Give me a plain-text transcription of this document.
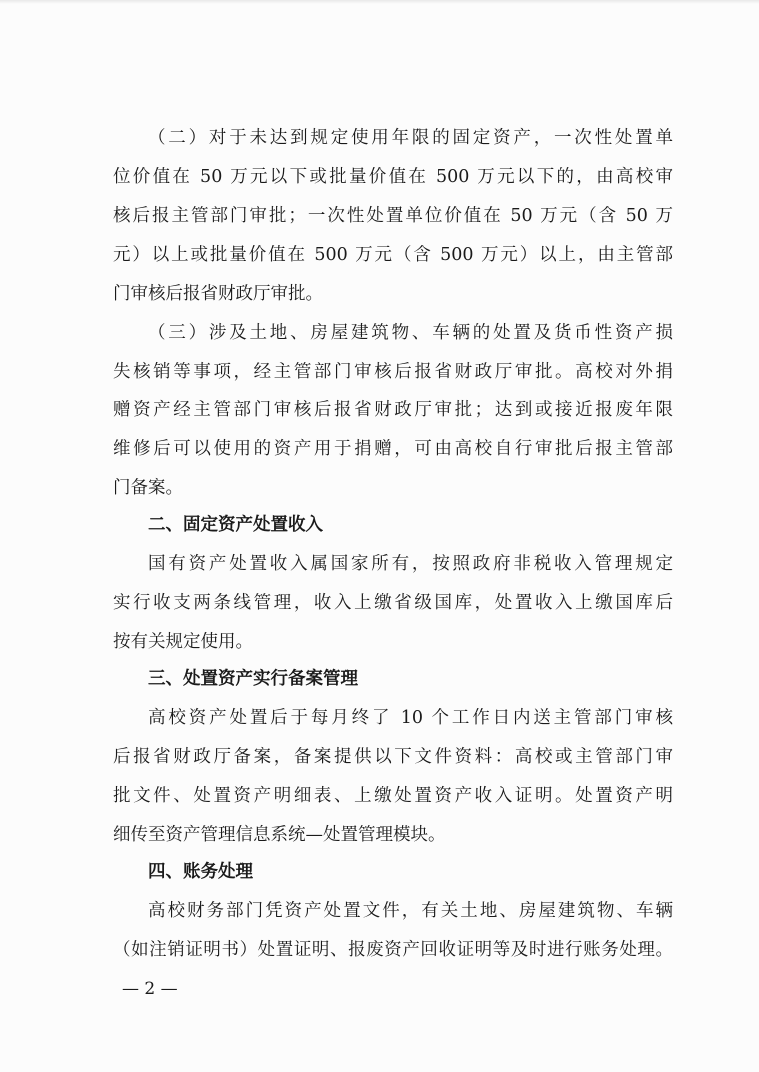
（二）对于未达到规定使用年限的固定资产，一次性处置单
位价值在 50 万元以下或批量价值在 500 万元以下的，由高校审
核后报主管部门审批；一次性处置单位价值在 50 万元（含 50 万
元）以上或批量价值在 500 万元（含 500 万元）以上，由主管部
门审核后报省财政厅审批。
（三）涉及土地、房屋建筑物、车辆的处置及货币性资产损
失核销等事项，经主管部门审核后报省财政厅审批。高校对外捐
赠资产经主管部门审核后报省财政厅审批；达到或接近报废年限
维修后可以使用的资产用于捐赠，可由高校自行审批后报主管部
门备案。
二、固定资产处置收入
国有资产处置收入属国家所有，按照政府非税收入管理规定
实行收支两条线管理，收入上缴省级国库，处置收入上缴国库后
按有关规定使用。
三、处置资产实行备案管理
高校资产处置后于每月终了 10 个工作日内送主管部门审核
后报省财政厅备案，备案提供以下文件资料：高校或主管部门审
批文件、处置资产明细表、上缴处置资产收入证明。处置资产明
细传至资产管理信息系统—处置管理模块。
四、账务处理
高校财务部门凭资产处置文件，有关土地、房屋建筑物、车辆
（如注销证明书）处置证明、报废资产回收证明等及时进行账务处理。
— 2 —
